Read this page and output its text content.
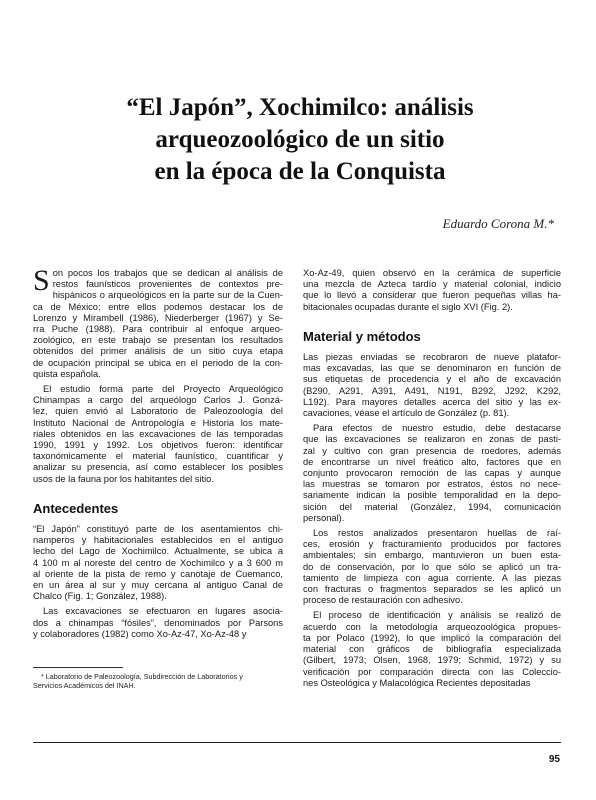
“El Japón”, Xochimilco: análisis
arqueozoológico de un sitio
en la época de la Conquista
Eduardo Corona M.*
S on pocos los trabajos que se dedican al análisis de
restos faunísticos provenientes de contextos pre-
hispánicos o arqueológicos en la parte sur de la Cuen-
ca de México; entre ellos podemos destacar los de
Lorenzo y Mirambell (1986), Niederberger (1967) y Se-
rra Puche (1988). Para contribuir al enfoque arqueo-
zoológico, en este trabajo se presentan los resultados
obtenidos del primer análisis de un sitio cuya etapa
de ocupación principal se ubica en el periodo de la con-
quista española.
El estudio forma parte del Proyecto Arqueológico
Chinampas a cargo del arqueólogo Carlos J. Gonzá-
lez, quien envió al Laboratorio de Paleozoología del
Instituto Nacional de Antropología e Historia los mate-
riales obtenidos en las excavaciones de las temporadas
1990, 1991 y 1992. Los objetivos fueron: identificar
taxonómicamente el material faunístico, cuantificar y
analizar su presencia, así como establecer los posibles
usos de la fauna por los habitantes del sitio.
Antecedentes
“El Japón” constituyó parte de los asentamientos chi-
namperos y habitacionales establecidos en el antiguo
lecho del Lago de Xochimilco. Actualmente, se ubica a
4 100 m al noreste del centro de Xochimilco y a 3 600 m
al oriente de la pista de remo y canotaje de Cuemanco,
en un área al sur y muy cercana al antiguo Canal de
Chalco (Fig. 1; González, 1988).
Las excavaciones se efectuaron en lugares asocia-
dos a chinampas “fósiles”, denominados por Parsons
y colaboradores (1982) como Xo-Az-47, Xo-Az-48 y
* Laboratorio de Paleozoología, Subdirección de Laboratorios y
Servicios Académicos del INAH.
Xo-Az-49, quien observó en la cerámica de superficie
una mezcla de Azteca tardío y material colonial, indicio
que lo llevó a considerar que fueron pequeñas villas ha-
bitacionales ocupadas durante el siglo XVI (Fig. 2).
Material y métodos
Las piezas enviadas se recobraron de nueve platafor-
mas excavadas, las que se denominaron en función de
sus etiquetas de procedencia y el año de excavación
(B290, A291, A391, A491, N191, B292, J292, K292,
L192). Para mayores detalles acerca del sitio y las ex-
cavaciones, véase el artículo de González (p. 81).
Para efectos de nuestro estudio, debe destacarse
que las excavaciones se realizaron en zonas de pasti-
zal y cultivo con gran presencia de roedores, además
de encontrarse un nivel freático alto, factores que en
conjunto provocaron remoción de las capas y aunque
las muestras se tomaron por estratos, éstos no nece-
sariamente indican la posible temporalidad en la depo-
sición del material (González, 1994, comunicación
personal).
Los restos analizados presentaron huellas de raí-
ces, erosión y fracturamiento producidos por factores
ambientales; sin embargo, mantuvieron un buen esta-
do de conservación, por lo que sólo se aplicó un tra-
tamiento de limpieza con agua corriente. A las piezas
con fracturas o fragmentos separados se les aplicó un
proceso de restauración con adhesivo.
El proceso de identificación y análisis se realizó de
acuerdo con la metodología arqueozoológica propues-
ta por Polaco (1992), lo que implicó la comparación del
material con gráficos de bibliografía especializada
(Gilbert, 1973; Olsen, 1968, 1979; Schmid, 1972) y su
verificación por comparación directa con las Coleccio-
nes Osteológica y Malacológica Recientes depositadas
95
